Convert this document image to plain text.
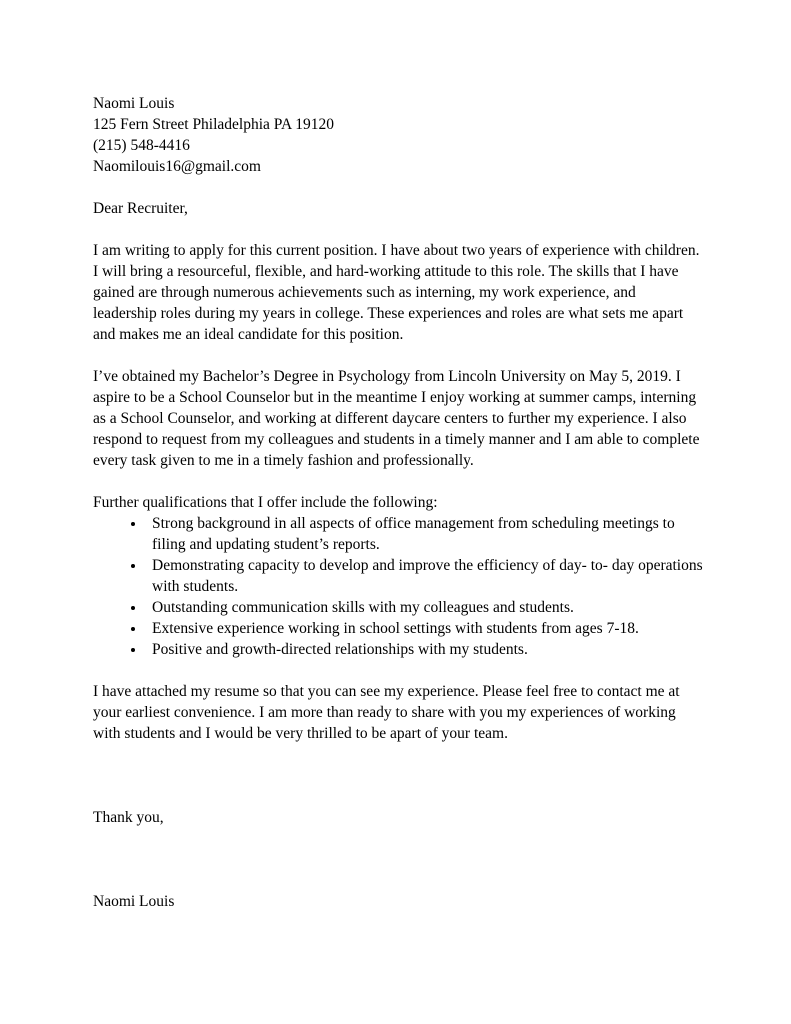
Naomi Louis
125 Fern Street Philadelphia PA 19120
(215) 548-4416
Naomilouis16@gmail.com

Dear Recruiter,

I am writing to apply for this current position. I have about two years of experience with children. I will bring a resourceful, flexible, and hard-working attitude to this role. The skills that I have gained are through numerous achievements such as interning, my work experience, and leadership roles during my years in college. These experiences and roles are what sets me apart and makes me an ideal candidate for this position.

I’ve obtained my Bachelor’s Degree in Psychology from Lincoln University on May 5, 2019. I aspire to be a School Counselor but in the meantime I enjoy working at summer camps, interning as a School Counselor, and working at different daycare centers to further my experience. I also respond to request from my colleagues and students in a timely manner and I am able to complete every task given to me in a timely fashion and professionally.

Further qualifications that I offer include the following:

• Strong background in all aspects of office management from scheduling meetings to filing and updating student’s reports.
• Demonstrating capacity to develop and improve the efficiency of day- to- day operations with students.
• Outstanding communication skills with my colleagues and students.
• Extensive experience working in school settings with students from ages 7-18.
• Positive and growth-directed relationships with my students.

I have attached my resume so that you can see my experience. Please feel free to contact me at your earliest convenience. I am more than ready to share with you my experiences of working with students and I would be very thrilled to be apart of your team.

Thank you,

Naomi Louis
